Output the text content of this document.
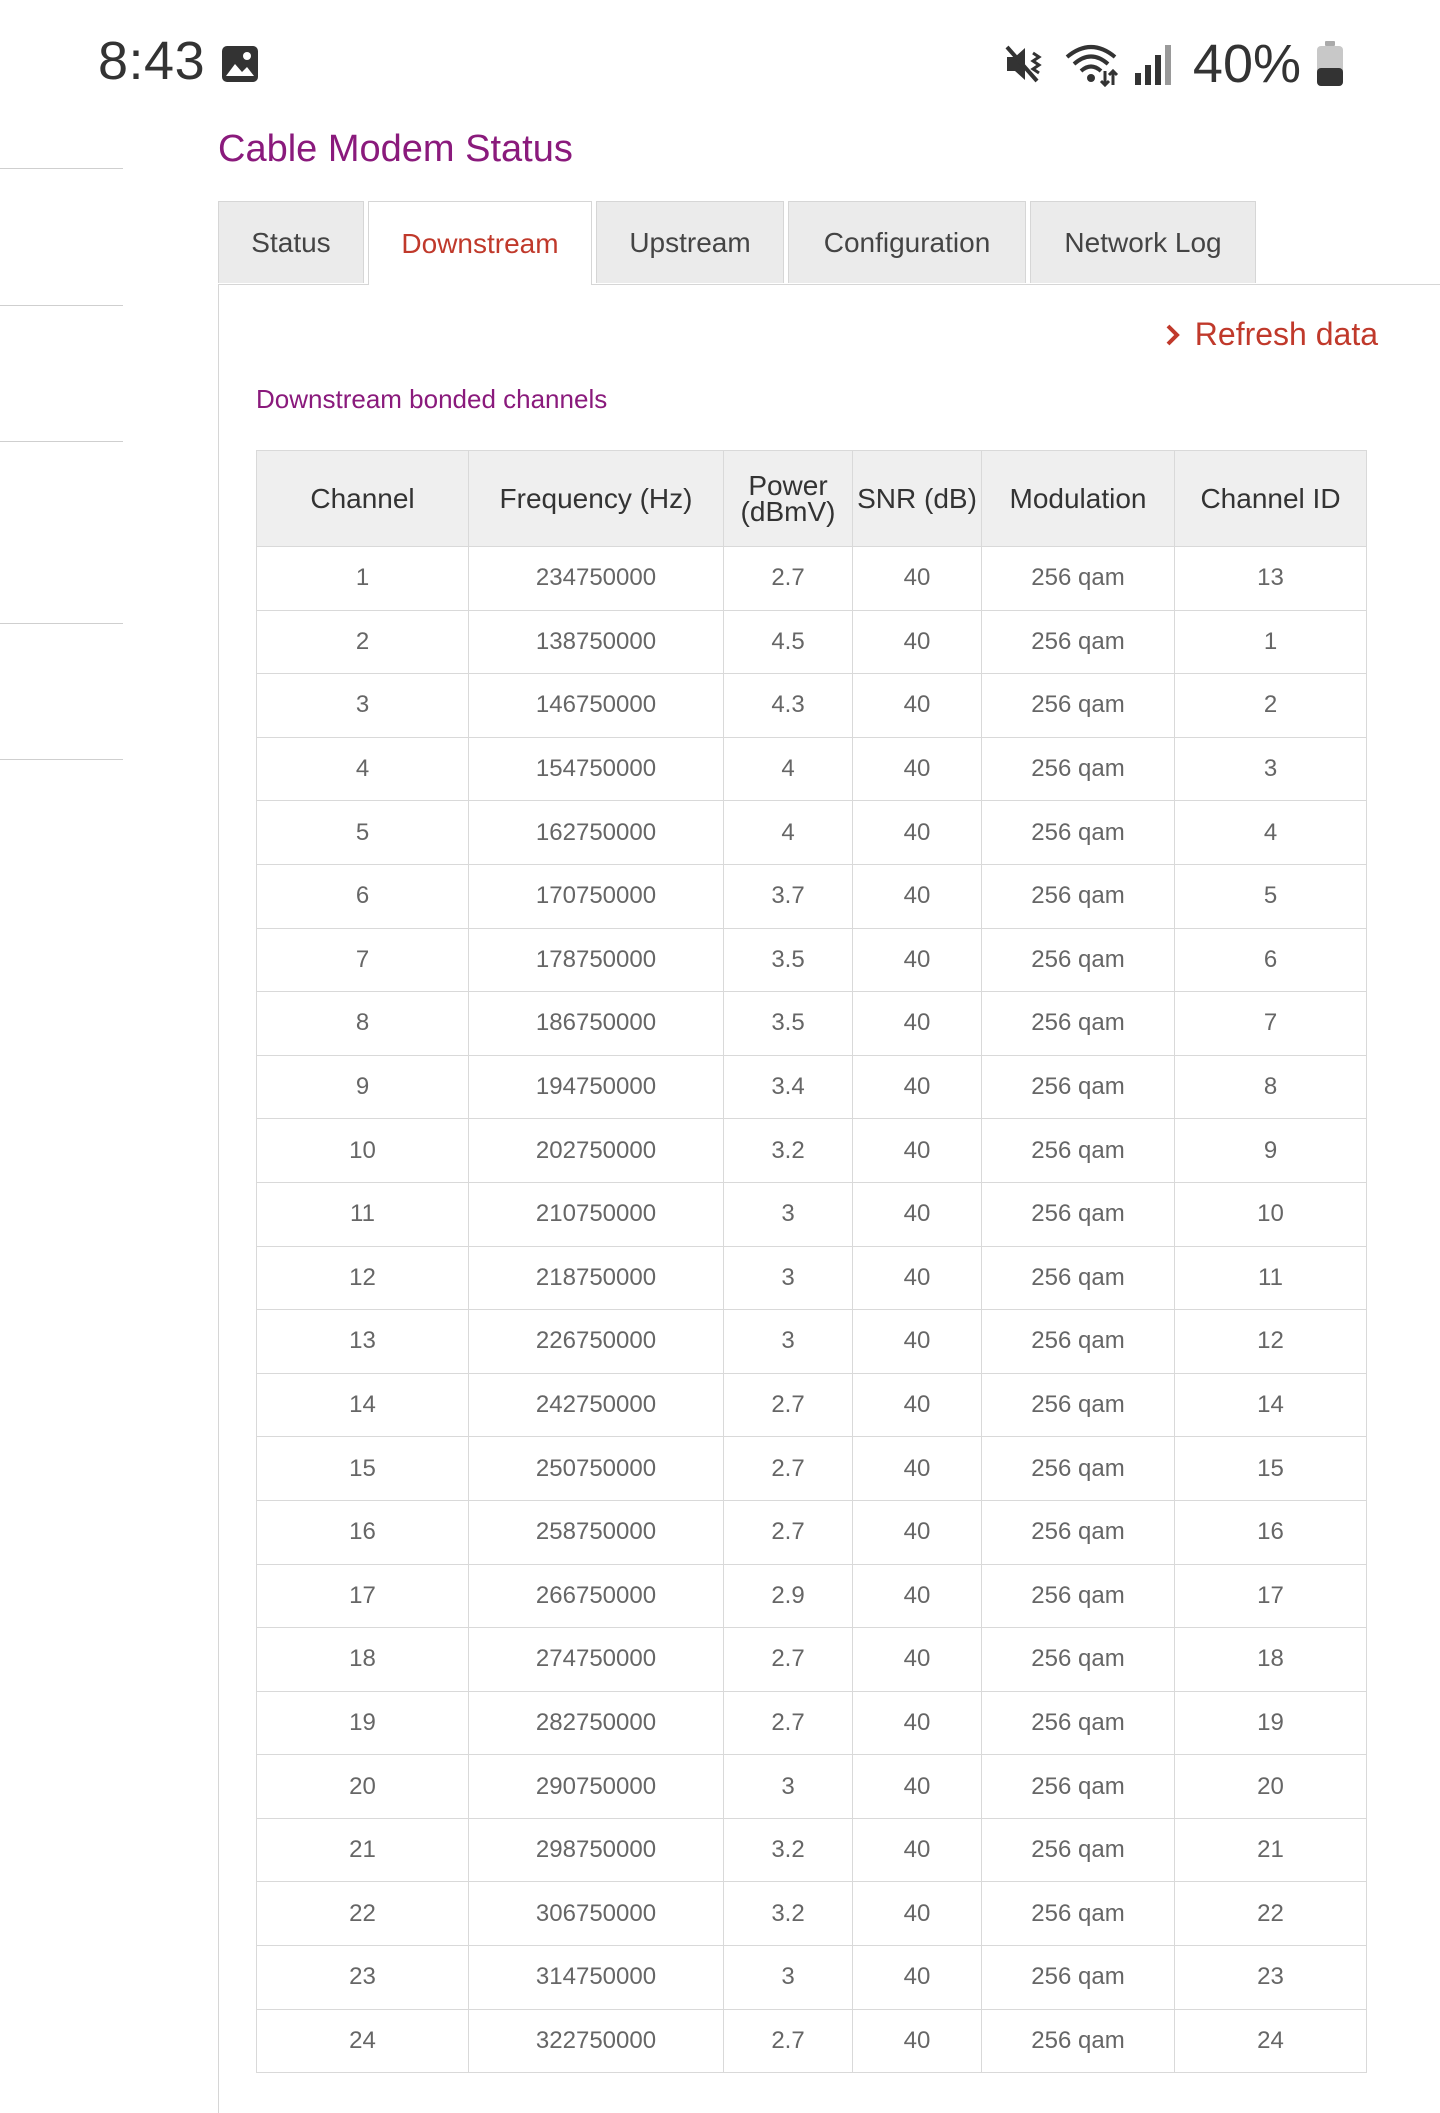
8:43	40%
Cable Modem Status
Status	Downstream	Upstream	Configuration	Network Log
Refresh data
Downstream bonded channels
Channel	Frequency (Hz)	Power (dBmV)	SNR (dB)	Modulation	Channel ID
1	234750000	2.7	40	256 qam	13
2	138750000	4.5	40	256 qam	1
3	146750000	4.3	40	256 qam	2
4	154750000	4	40	256 qam	3
5	162750000	4	40	256 qam	4
6	170750000	3.7	40	256 qam	5
7	178750000	3.5	40	256 qam	6
8	186750000	3.5	40	256 qam	7
9	194750000	3.4	40	256 qam	8
10	202750000	3.2	40	256 qam	9
11	210750000	3	40	256 qam	10
12	218750000	3	40	256 qam	11
13	226750000	3	40	256 qam	12
14	242750000	2.7	40	256 qam	14
15	250750000	2.7	40	256 qam	15
16	258750000	2.7	40	256 qam	16
17	266750000	2.9	40	256 qam	17
18	274750000	2.7	40	256 qam	18
19	282750000	2.7	40	256 qam	19
20	290750000	3	40	256 qam	20
21	298750000	3.2	40	256 qam	21
22	306750000	3.2	40	256 qam	22
23	314750000	3	40	256 qam	23
24	322750000	2.7	40	256 qam	24
